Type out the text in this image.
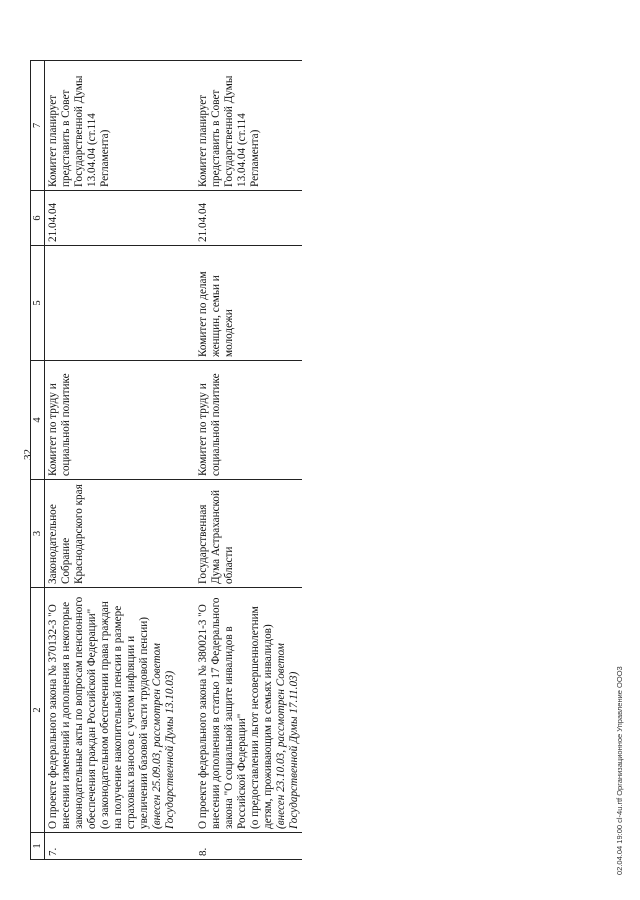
32
1	2	3	4	5	6	7
7.	О проекте федерального закона № 370132-3 "О внесении изменений и дополнения в некоторые законодательные акты по вопросам пенсионного обеспечения граждан Российской Федерации"
(о законодательном обеспечении права граждан на получение накопительной пенсии в размере страховых взносов с учетом инфляции и увеличении базовой части трудовой пенсии)
(внесен 25.09.03, рассмотрен Советом Государственной Думы 13.10.03)	Законодательное Собрание Краснодарского края	Комитет по труду и социальной политике		21.04.04	Комитет планирует представить в Совет Государственной Думы 13.04.04 (ст.114 Регламента)
8.	О проекте федерального закона № 380021-3 "О внесении дополнения в статью 17 Федерального закона "О социальной защите инвалидов в Российской Федерации"
(о предоставлении льгот несовершеннолетним детям, проживающим в семьях инвалидов)
(внесен 23.10.03, рассмотрен Советом Государственной Думы 17.11.03)	Государственная Дума Астраханской области	Комитет по труду и социальной политике	Комитет по делам женщин, семьи и молодежи	21.04.04	Комитет планирует представить в Совет Государственной Думы 13.04.04 (ст.114 Регламента)
02.04.04 19:00 cl-4u.rtf Организационное Управление ООО3
